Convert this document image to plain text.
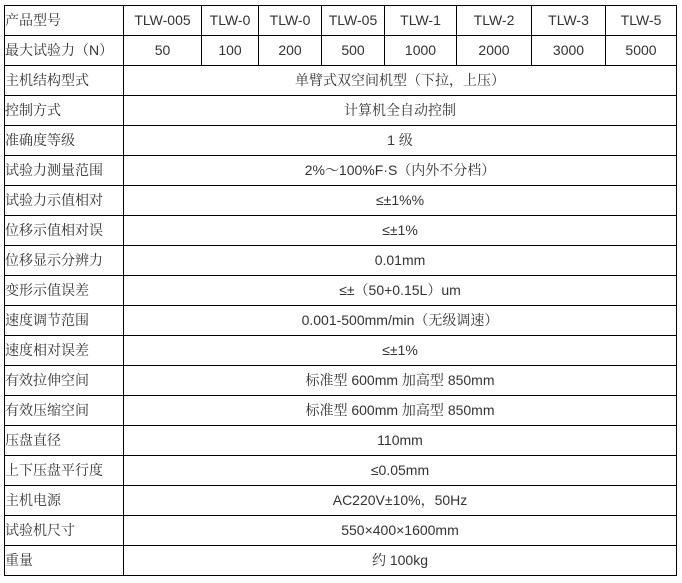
产品型号	TLW-005	TLW-0	TLW-0	TLW-05	TLW-1	TLW-2	TLW-3	TLW-5
最大试验力（N）	50	100	200	500	1000	2000	3000	5000
主机结构型式	单臂式双空间机型（下拉，上压）							
控制方式	计算机全自动控制							
准确度等级	1 级							
试验力测量范围	2%～100%F·S（内外不分档）							
试验力示值相对	≤±1%%							
位移示值相对误	≤±1%							
位移显示分辨力	0.01mm							
变形示值误差	≤±（50+0.15L）um							
速度调节范围	0.001-500mm/min（无级调速）							
速度相对误差	≤±1%							
有效拉伸空间	标准型 600mm 加高型 850mm							
有效压缩空间	标准型 600mm 加高型 850mm							
压盘直径	110mm							
上下压盘平行度	≤0.05mm							
主机电源	AC220V±10%，50Hz							
试验机尺寸	550×400×1600mm							
重量	约 100kg							
